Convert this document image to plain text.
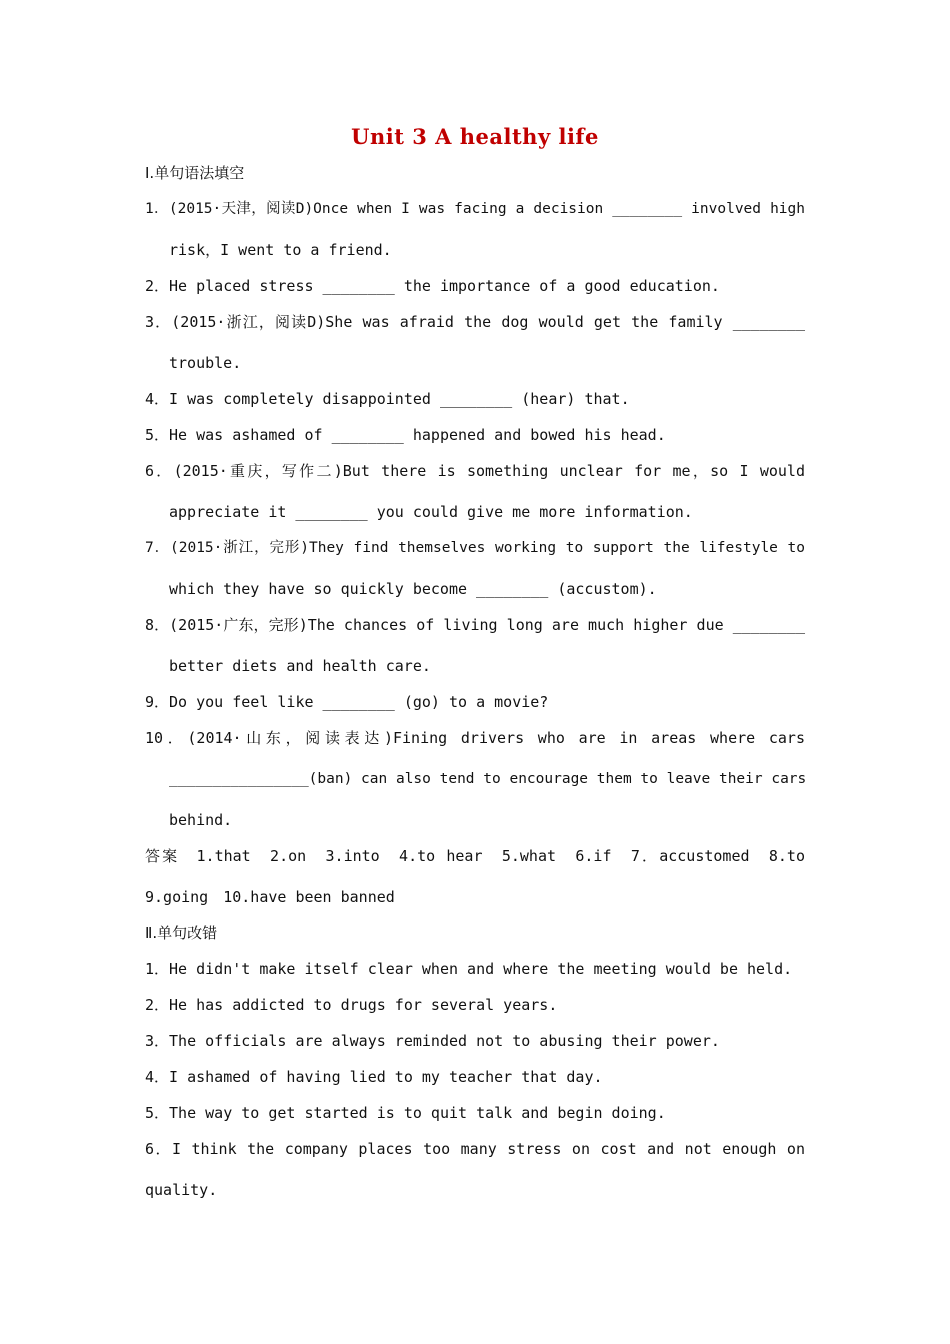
Unit 3 A healthy life
Ⅰ.单句语法填空
1．(2015·天津，阅读D)Once when I was facing a decision ________ involved high
risk，I went to a friend.
2．He placed stress ________ the importance of a good education.
3．(2015·浙江，阅读D)She was afraid the dog would get the family ________
trouble.
4．I was completely disappointed ________ (hear) that.
5．He was ashamed of ________ happened and bowed his head.
6．(2015·重庆，写作二)But there is something unclear for me，so I would
appreciate it ________ you could give me more information.
7．(2015·浙江，完形)They find themselves working to support the lifestyle to
which they have so quickly become ________ (accustom).
8．(2015·广东，完形)The chances of living long are much higher due ________
better diets and health care.
9．Do you feel like ________ (go) to a movie?
10．(2014·山东，阅读表达)Fining drivers who are in areas where cars
________________(ban) can also tend to encourage them to leave their cars
behind.
答案　1.that　2.on　3.into　4.to hear　5.what　6.if　7．accustomed　8.to
9.going　10.have been banned
Ⅱ.单句改错
1．He didn't make itself clear when and where the meeting would be held.
2．He has addicted to drugs for several years.
3．The officials are always reminded not to abusing their power.
4．I ashamed of having lied to my teacher that day.
5．The way to get started is to quit talk and begin doing.
6．I think the company places too many stress on cost and not enough on
quality.
